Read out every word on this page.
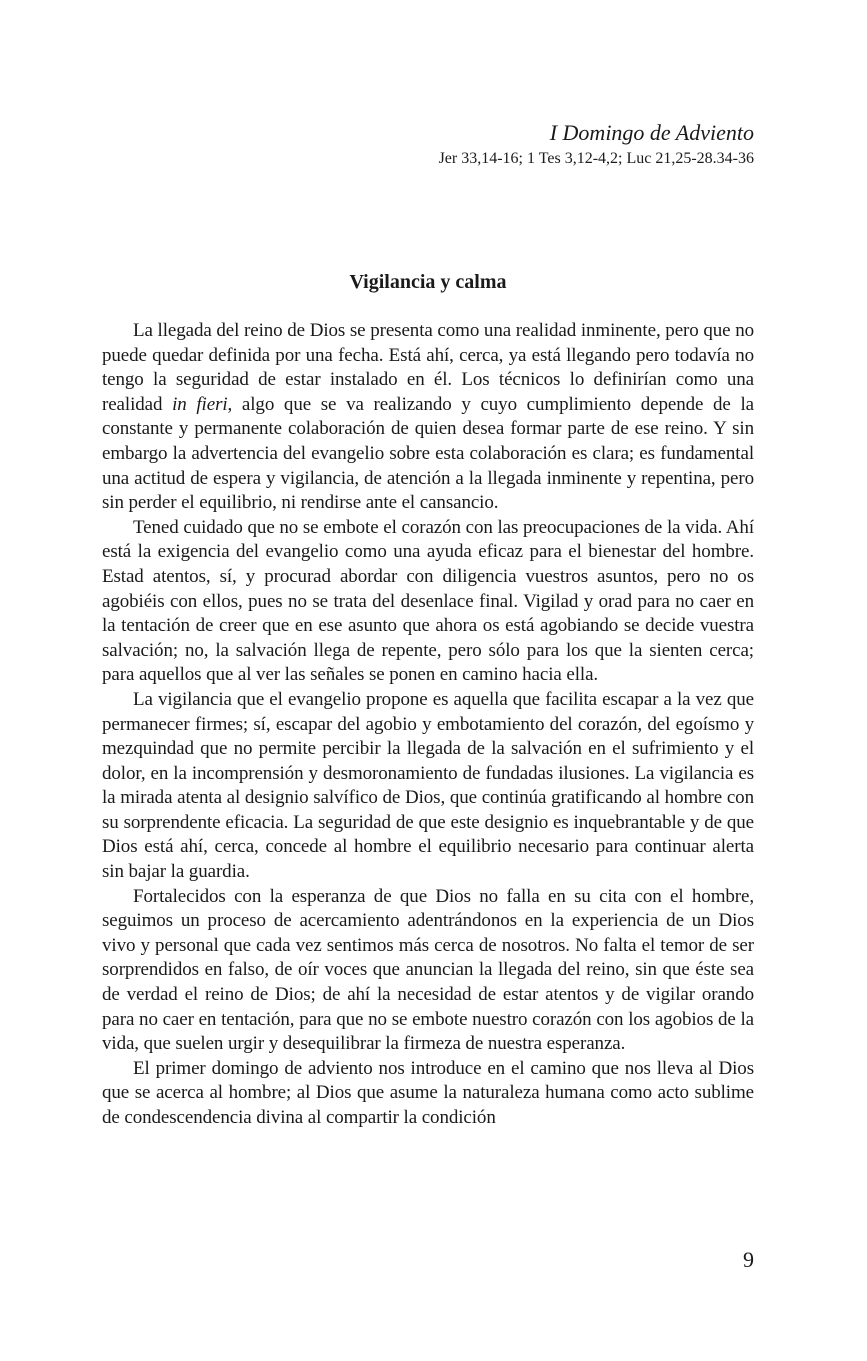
I Domingo de Adviento
Jer 33,14-16; 1 Tes 3,12-4,2; Luc 21,25-28.34-36
Vigilancia y calma

La llegada del reino de Dios se presenta como una realidad inminente, pero que no puede quedar definida por una fecha. Está ahí, cerca, ya está llegando pero todavía no tengo la seguridad de estar instalado en él. Los técnicos lo definirían como una realidad in fieri, algo que se va realizando y cuyo cumplimiento depende de la constante y permanente colaboración de quien desea formar parte de ese reino. Y sin embargo la advertencia del evangelio sobre esta colaboración es clara; es fundamental una actitud de espera y vigilancia, de atención a la llegada inminente y repentina, pero sin perder el equilibrio, ni rendirse ante el cansancio.

Tened cuidado que no se embote el corazón con las preocupaciones de la vida. Ahí está la exigencia del evangelio como una ayuda eficaz para el bienestar del hombre. Estad atentos, sí, y procurad abordar con diligencia vuestros asuntos, pero no os agobiéis con ellos, pues no se trata del desenlace final. Vigilad y orad para no caer en la tentación de creer que en ese asunto que ahora os está agobiando se decide vuestra salvación; no, la salvación llega de repente, pero sólo para los que la sienten cerca; para aquellos que al ver las señales se ponen en camino hacia ella.

La vigilancia que el evangelio propone es aquella que facilita escapar a la vez que permanecer firmes; sí, escapar del agobio y embotamiento del corazón, del egoísmo y mezquindad que no permite percibir la llegada de la salvación en el sufrimiento y el dolor, en la incomprensión y desmoronamiento de fundadas ilusiones. La vigilancia es la mirada atenta al designio salvífico de Dios, que continúa gratificando al hombre con su sorprendente eficacia. La seguridad de que este designio es inquebrantable y de que Dios está ahí, cerca, concede al hombre el equilibrio necesario para continuar alerta sin bajar la guardia.

Fortalecidos con la esperanza de que Dios no falla en su cita con el hombre, seguimos un proceso de acercamiento adentrándonos en la experiencia de un Dios vivo y personal que cada vez sentimos más cerca de nosotros. No falta el temor de ser sorprendidos en falso, de oír voces que anuncian la llegada del reino, sin que éste sea de verdad el reino de Dios; de ahí la necesidad de estar atentos y de vigilar orando para no caer en tentación, para que no se embote nuestro corazón con los agobios de la vida, que suelen urgir y desequilibrar la firmeza de nuestra esperanza.

El primer domingo de adviento nos introduce en el camino que nos lleva al Dios que se acerca al hombre; al Dios que asume la naturaleza humana como acto sublime de condescendencia divina al compartir la condición

9
